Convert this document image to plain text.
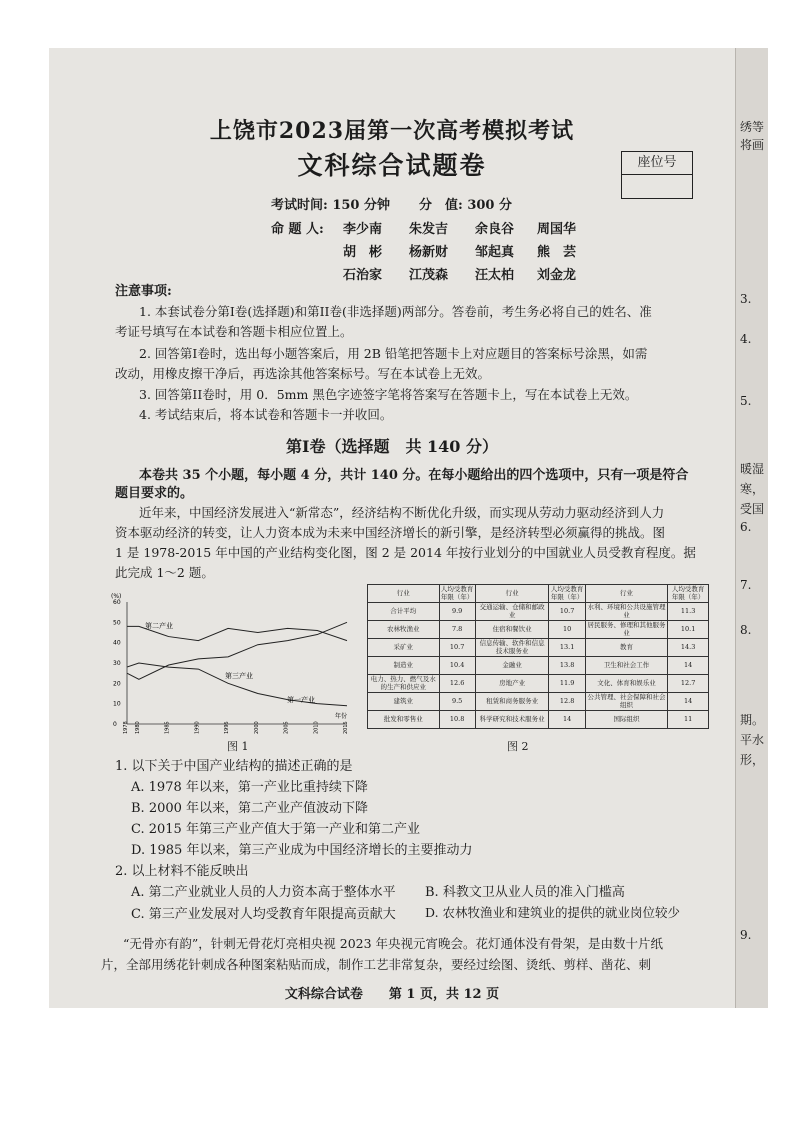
上饶市2023届第一次高考模拟考试
文科综合试题卷	座位号
考试时间: 150 分钟 分　值: 300 分
命 题 人: 李少南 朱发吉 余良谷 周国华
胡　彬 杨新财 邹起真 熊　芸
石治家 江茂森 汪太柏 刘金龙
注意事项:
1. 本套试卷分第I卷(选择题)和第II卷(非选择题)两部分。答卷前，考生务必将自己的姓名、准
考证号填写在本试卷和答题卡相应位置上。
2. 回答第I卷时，选出每小题答案后，用 2B 铅笔把答题卡上对应题目的答案标号涂黑，如需
改动，用橡皮擦干净后，再选涂其他答案标号。写在本试卷上无效。
3. 回答第II卷时，用 0．5mm 黑色字迹签字笔将答案写在答题卡上，写在本试卷上无效。
4. 考试结束后，将本试卷和答题卡一并收回。
第I卷（选择题　共 140 分）
本卷共 35 个小题，每小题 4 分，共计 140 分。在每小题给出的四个选项中，只有一项是符合
题目要求的。
近年来，中国经济发展进入“新常态”，经济结构不断优化升级，而实现从劳动力驱动经济到人力
资本驱动经济的转变，让人力资本成为未来中国经济增长的新引擎，是经济转型必须赢得的挑战。图
1 是 1978-2015 年中国的产业结构变化图，图 2 是 2014 年按行业划分的中国就业人员受教育程度。据
此完成 1～2 题。
(%)
0
10
20
30
40
50
60
1978 1980	1985	1990	1995	2000	2005	2010	2015
年份
第二产业
第三产业
第一产业
图 1
行业	人均受教育年限（年）	行业	人均受教育年限（年）	行业	人均受教育年限（年）
合计平均	9.9	交通运输、仓储和邮政业	10.7	水利、环境和公共设施管理业	11.3
农林牧渔业	7.8	住宿和餐饮业	10	居民服务、修理和其他服务业	10.1
采矿业	10.7	信息传输、软件和信息技术服务业	13.1	教育	14.3
制造业	10.4	金融业	13.8	卫生和社会工作	14
电力、热力、燃气及水的生产和供应业	12.6	房地产业	11.9	文化、体育和娱乐业	12.7
建筑业	9.5	租赁和商务服务业	12.8	公共管理、社会保障和社会组织	14
批发和零售业	10.8	科学研究和技术服务业	14	国际组织	11
图 2
1. 以下关于中国产业结构的描述正确的是
A. 1978 年以来，第一产业比重持续下降
B. 2000 年以来，第二产业产值波动下降
C. 2015 年第三产业产值大于第一产业和第二产业
D. 1985 年以来，第三产业成为中国经济增长的主要推动力
2. 以上材料不能反映出
A. 第二产业就业人员的人力资本高于整体水平 B. 科教文卫从业人员的准入门槛高
C. 第三产业发展对人均受教育年限提高贡献大 D. 农林牧渔业和建筑业的提供的就业岗位较少
“无骨亦有韵”，针刺无骨花灯亮相央视 2023 年央视元宵晚会。花灯通体没有骨架，是由数十片纸
片，全部用绣花针刺成各种图案粘贴而成，制作工艺非常复杂，要经过绘图、烫纸、剪样、凿花、刺
文科综合试卷　　第 1 页，共 12 页
绣等
将画
3.
4.
5.
暖湿
寒，
受国
6.
7.
8.
期。
平水
形，
9.
